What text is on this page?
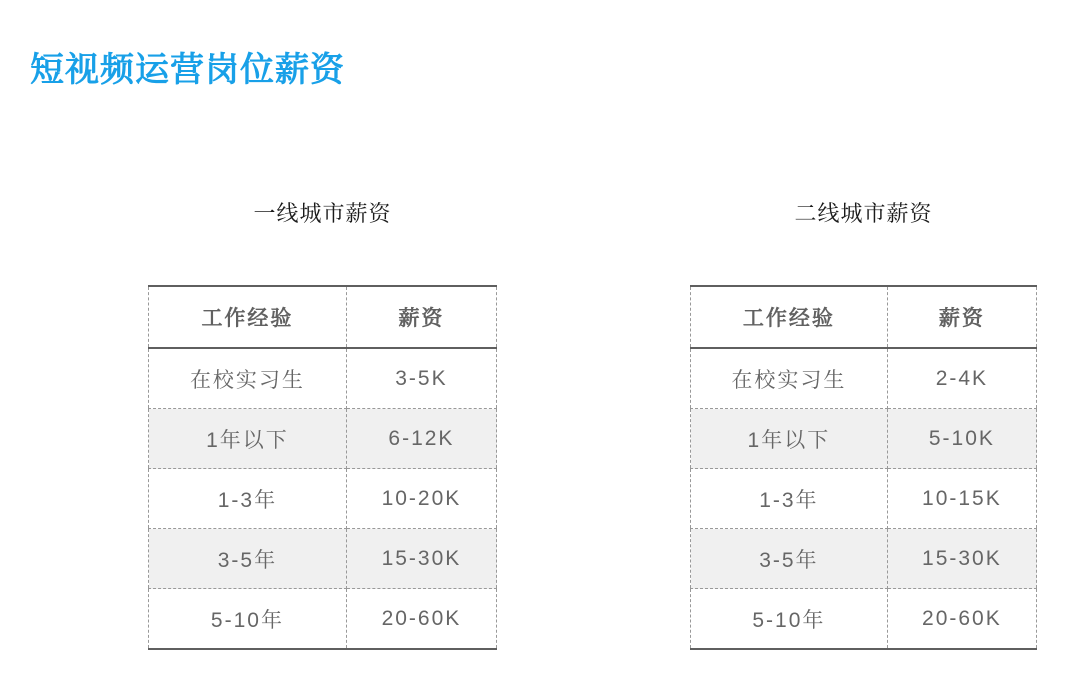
短视频运营岗位薪资
一线城市薪资
工作经验	薪资
在校实习生	3-5K
1年以下	6-12K
1-3年	10-20K
3-5年	15-30K
5-10年	20-60K
二线城市薪资
工作经验	薪资
在校实习生	2-4K
1年以下	5-10K
1-3年	10-15K
3-5年	15-30K
5-10年	20-60K
